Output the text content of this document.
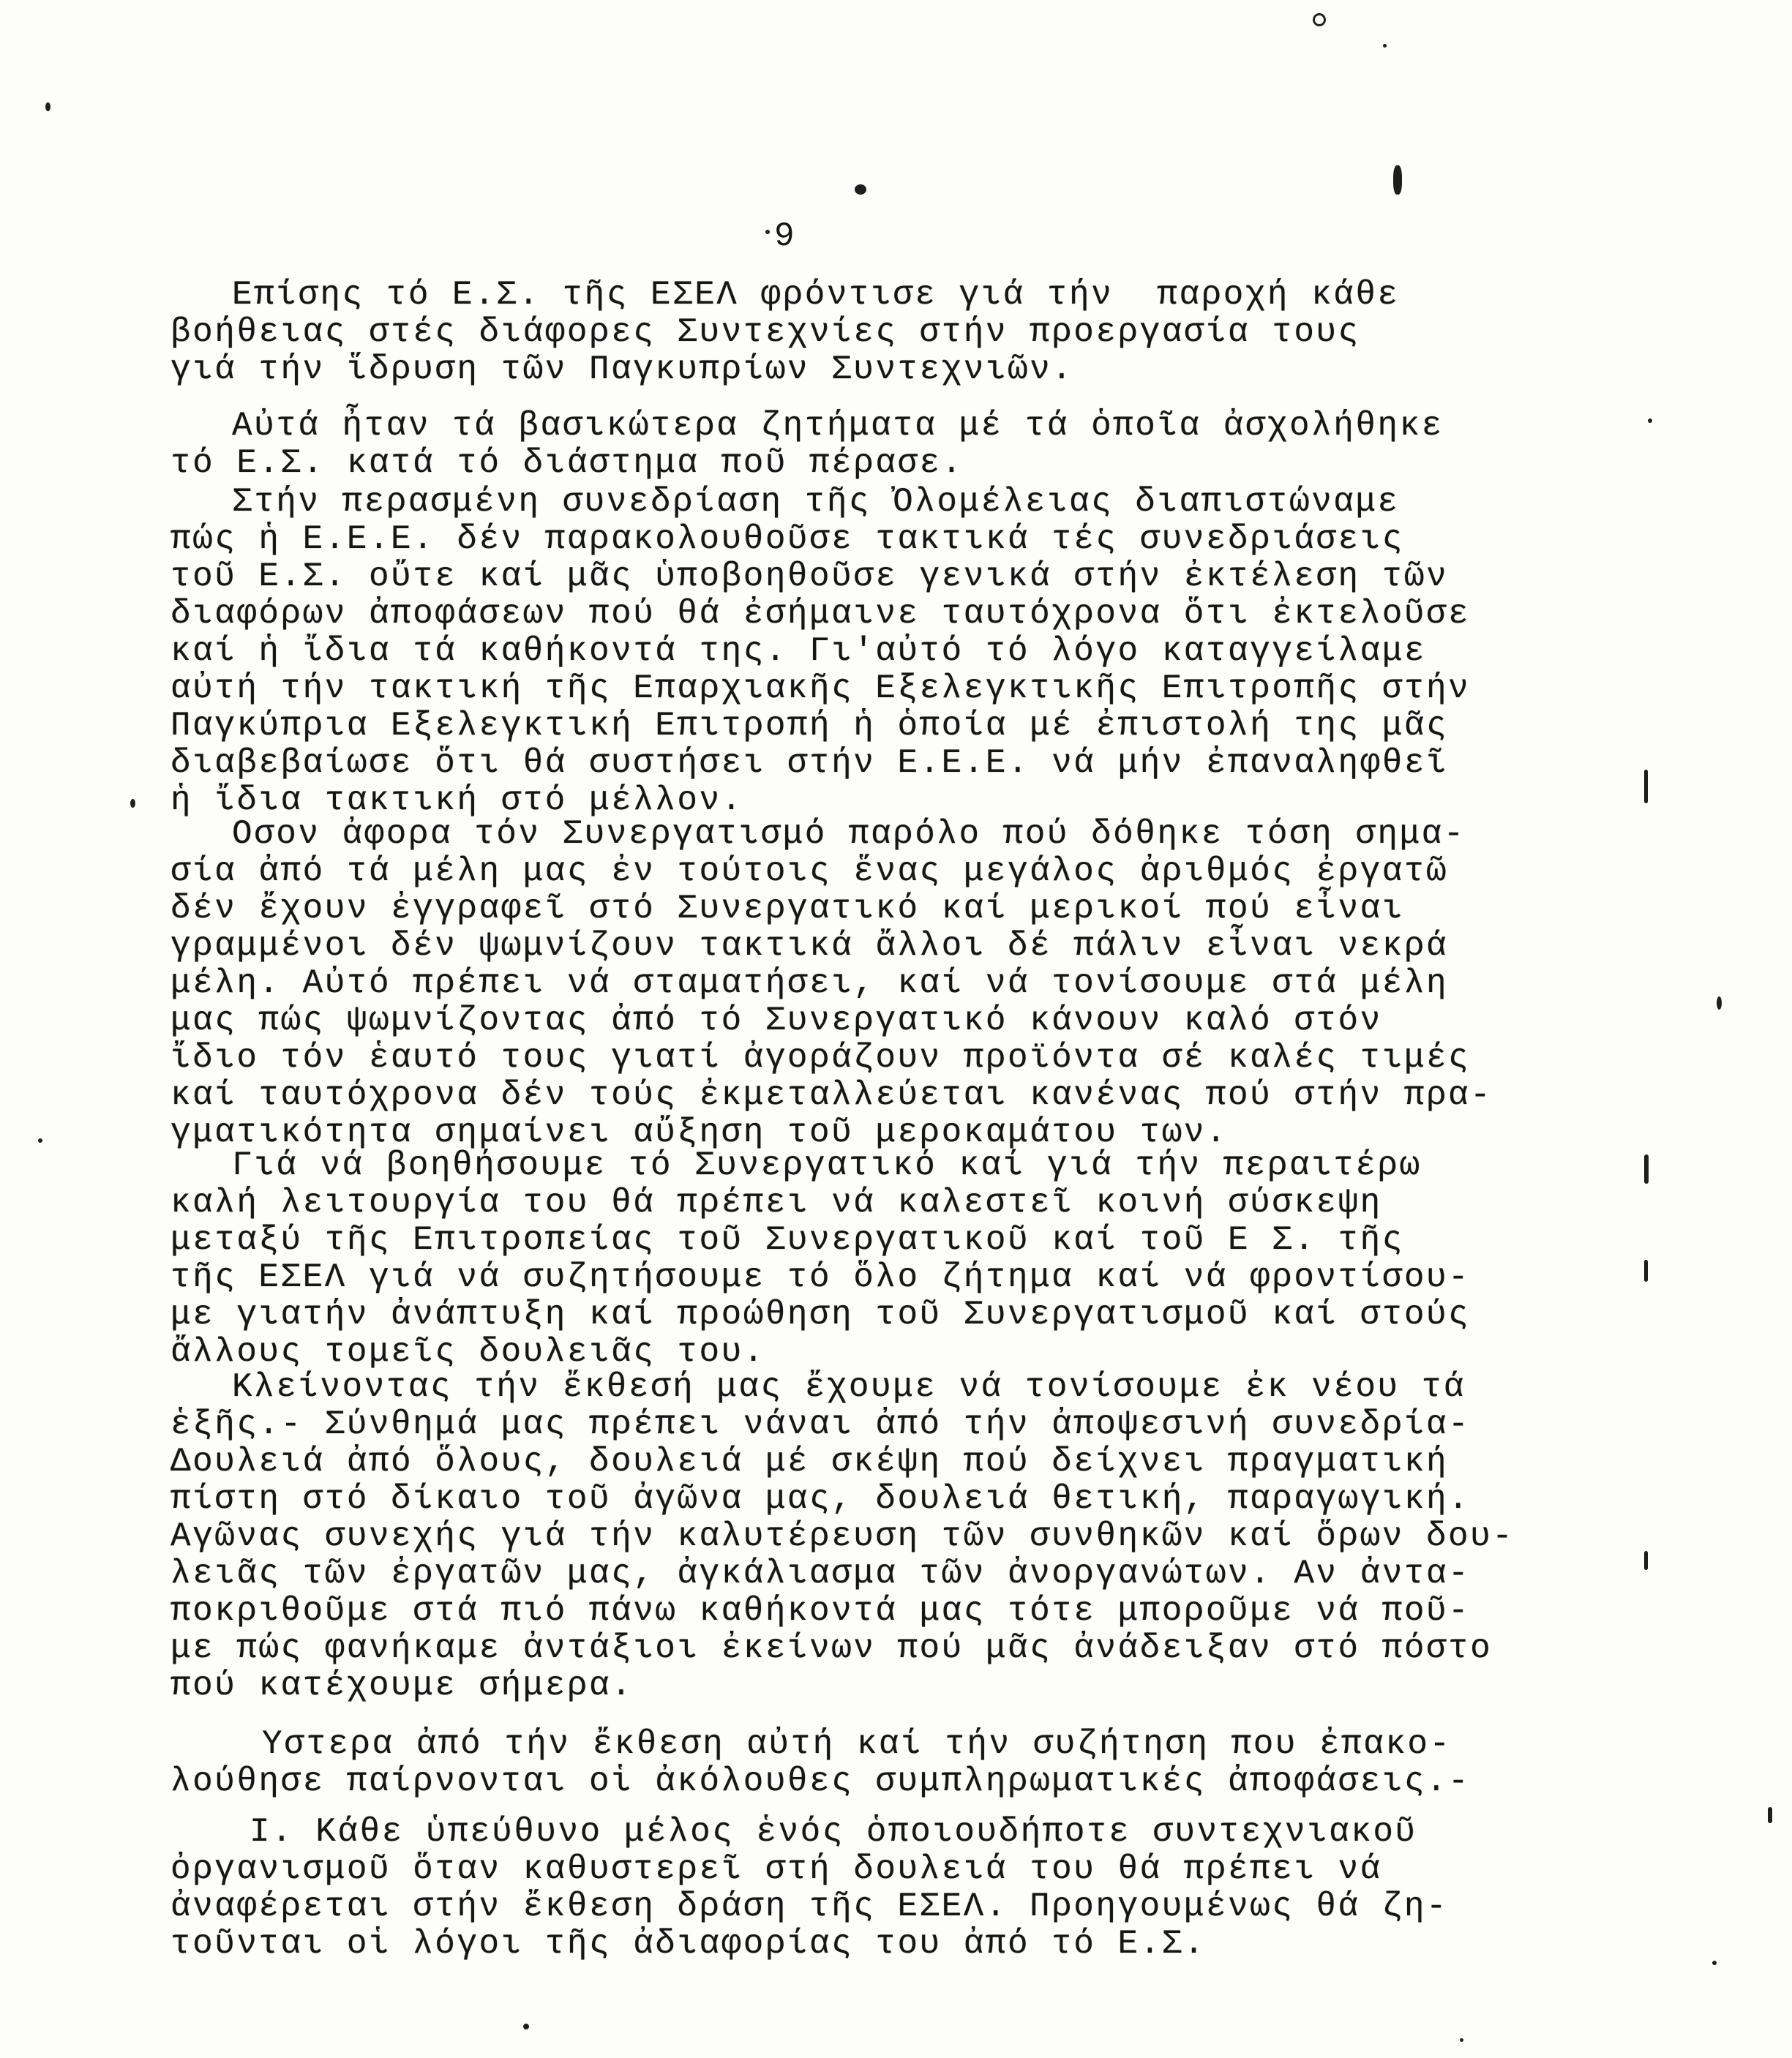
9
Επίσης τό Ε.Σ. τῆς ΕΣΕΛ φρόντισε γιά τήν  παροχή κάθε
βοήθειας στές διάφορες Συντεχνίες στήν προεργασία τους
γιά τήν ἵδρυση τῶν Παγκυπρίων Συντεχνιῶν.
Αὐτά ἦταν τά βασικώτερα ζητήματα μέ τά ὁποῖα ἀσχολήθηκε
τό Ε.Σ. κατά τό διάστημα ποῦ πέρασε.
Στήν περασμένη συνεδρίαση τῆς Ὀλομέλειας διαπιστώναμε
πώς ἡ Ε.Ε.Ε. δέν παρακολουθοῦσε τακτικά τές συνεδριάσεις
τοῦ Ε.Σ. οὔτε καί μᾶς ὑποβοηθοῦσε γενικά στήν ἐκτέλεση τῶν
διαφόρων ἀποφάσεων πού θά ἐσήμαινε ταυτόχρονα ὅτι ἐκτελοῦσε
καί ἡ ἴδια τά καθήκοντά της. Γι'αὐτό τό λόγο καταγγείλαμε
αὐτή τήν τακτική τῆς Επαρχιακῆς Εξελεγκτικῆς Επιτροπῆς στήν
Παγκύπρια Εξελεγκτική Επιτροπή ἡ ὁποία μέ ἐπιστολή της μᾶς
διαβεβαίωσε ὅτι θά συστήσει στήν Ε.Ε.Ε. νά μήν ἐπαναληφθεῖ
ἡ ἴδια τακτική στό μέλλον.
Οσον ἀφορα τόν Συνεργατισμό παρόλο πού δόθηκε τόση σημα-
σία ἀπό τά μέλη μας ἐν τούτοις ἕνας μεγάλος ἀριθμός ἐργατῶ
δέν ἔχουν ἐγγραφεῖ στό Συνεργατικό καί μερικοί πού εἶναι
γραμμένοι δέν ψωμνίζουν τακτικά ἄλλοι δέ πάλιν εἶναι νεκρά
μέλη. Αὐτό πρέπει νά σταματήσει, καί νά τονίσουμε στά μέλη
μας πώς ψωμνίζοντας ἀπό τό Συνεργατικό κάνουν καλό στόν
ἴδιο τόν ἑαυτό τους γιατί ἀγοράζουν προϊόντα σέ καλές τιμές
καί ταυτόχρονα δέν τούς ἐκμεταλλεύεται κανένας πού στήν πρα-
γματικότητα σημαίνει αὔξηση τοῦ μεροκαμάτου των.
Γιά νά βοηθήσουμε τό Συνεργατικό καί γιά τήν περαιτέρω
καλή λειτουργία του θά πρέπει νά καλεστεῖ κοινή σύσκεψη
μεταξύ τῆς Επιτροπείας τοῦ Συνεργατικοῦ καί τοῦ Ε Σ. τῆς
τῆς ΕΣΕΛ γιά νά συζητήσουμε τό ὅλο ζήτημα καί νά φροντίσου-
με γιατήν ἀνάπτυξη καί προώθηση τοῦ Συνεργατισμοῦ καί στούς
ἄλλους τομεῖς δουλειᾶς του.
Κλείνοντας τήν ἔκθεσή μας ἔχουμε νά τονίσουμε ἐκ νέου τά
ἑξῆς.- Σύνθημά μας πρέπει νάναι ἀπό τήν ἀποψεσινή συνεδρία-
Δουλειά ἀπό ὅλους, δουλειά μέ σκέψη πού δείχνει πραγματική
πίστη στό δίκαιο τοῦ ἀγῶνα μας, δουλειά θετική, παραγωγική.
Αγῶνας συνεχής γιά τήν καλυτέρευση τῶν συνθηκῶν καί ὅρων δου-
λειᾶς τῶν ἐργατῶν μας, ἀγκάλιασμα τῶν ἀνοργανώτων. Αν ἀντα-
ποκριθοῦμε στά πιό πάνω καθήκοντά μας τότε μποροῦμε νά ποῦ-
με πώς φανήκαμε ἀντάξιοι ἐκείνων πού μᾶς ἀνάδειξαν στό πόστο
πού κατέχουμε σήμερα.
Υστερα ἀπό τήν ἔκθεση αὐτή καί τήν συζήτηση που ἐπακο-
λούθησε παίρνονται οἱ ἀκόλουθες συμπληρωματικές ἀποφάσεις.-
Ι. Κάθε ὑπεύθυνο μέλος ἑνός ὁποιουδήποτε συντεχνιακοῦ
ὀργανισμοῦ ὅταν καθυστερεῖ στή δουλειά του θά πρέπει νά
ἀναφέρεται στήν ἔκθεση δράση τῆς ΕΣΕΛ. Προηγουμένως θά ζη-
τοῦνται οἱ λόγοι τῆς ἀδιαφορίας του ἀπό τό Ε.Σ.
